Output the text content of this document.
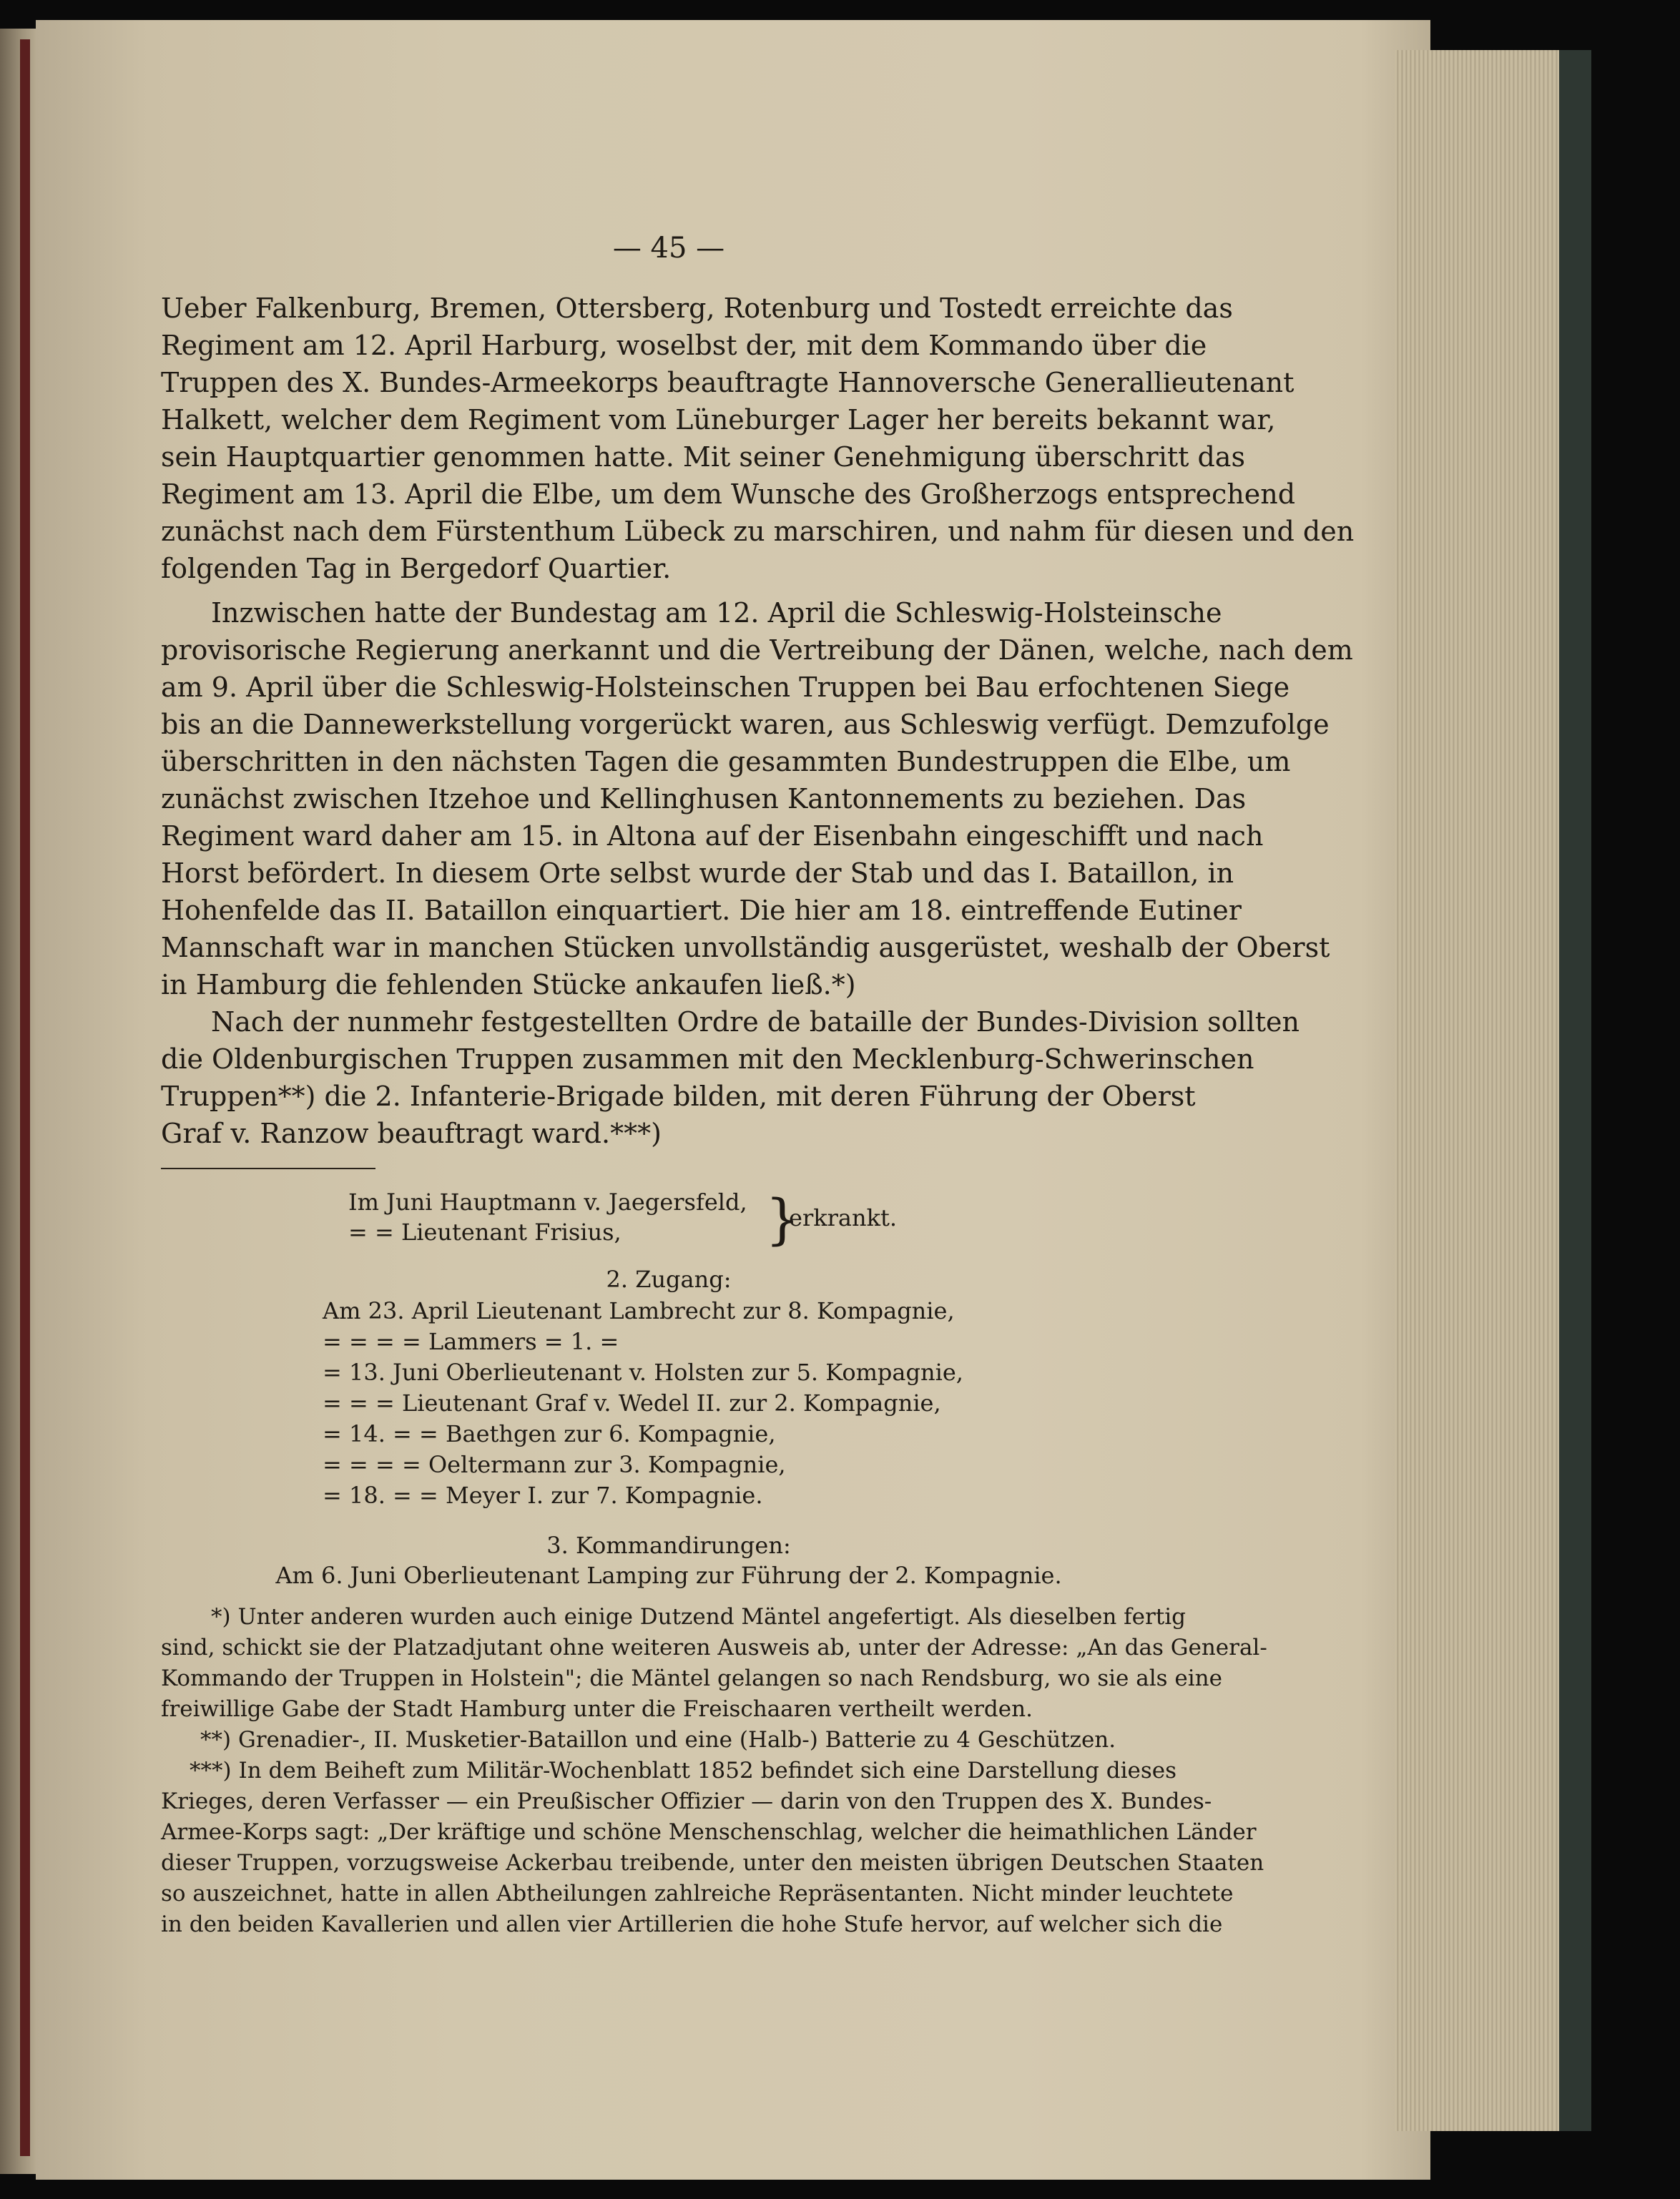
— 45 —
Ueber Falkenburg, Bremen, Ottersberg, Rotenburg und Tostedt erreichte das
Regiment am 12. April Harburg, woselbst der, mit dem Kommando über die
Truppen des X. Bundes-Armeekorps beauftragte Hannoversche Generallieutenant
Halkett, welcher dem Regiment vom Lüneburger Lager her bereits bekannt war,
sein Hauptquartier genommen hatte. Mit seiner Genehmigung überschritt das
Regiment am 13. April die Elbe, um dem Wunsche des Großherzogs entsprechend
zunächst nach dem Fürstenthum Lübeck zu marschiren, und nahm für diesen und den
folgenden Tag in Bergedorf Quartier.
Inzwischen hatte der Bundestag am 12. April die Schleswig-Holsteinsche
provisorische Regierung anerkannt und die Vertreibung der Dänen, welche, nach dem
am 9. April über die Schleswig-Holsteinschen Truppen bei Bau erfochtenen Siege
bis an die Dannewerkstellung vorgerückt waren, aus Schleswig verfügt. Demzufolge
überschritten in den nächsten Tagen die gesammten Bundestruppen die Elbe, um
zunächst zwischen Itzehoe und Kellinghusen Kantonnements zu beziehen. Das
Regiment ward daher am 15. in Altona auf der Eisenbahn eingeschifft und nach
Horst befördert. In diesem Orte selbst wurde der Stab und das I. Bataillon, in
Hohenfelde das II. Bataillon einquartiert. Die hier am 18. eintreffende Eutiner
Mannschaft war in manchen Stücken unvollständig ausgerüstet, weshalb der Oberst
in Hamburg die fehlenden Stücke ankaufen ließ.*)
Nach der nunmehr festgestellten Ordre de bataille der Bundes-Division sollten
die Oldenburgischen Truppen zusammen mit den Mecklenburg-Schwerinschen
Truppen**) die 2. Infanterie-Brigade bilden, mit deren Führung der Oberst
Graf v. Ranzow beauftragt ward.***)
Im Juni Hauptmann v. Jaegersfeld,
= = Lieutenant Frisius,	}
erkrankt.
2. Zugang:
Am 23. April Lieutenant Lambrecht zur 8. Kompagnie,
= = = = Lammers = 1. =
= 13. Juni Oberlieutenant v. Holsten zur 5. Kompagnie,
= = = Lieutenant Graf v. Wedel II. zur 2. Kompagnie,
= 14. = = Baethgen zur 6. Kompagnie,
= = = = Oeltermann zur 3. Kompagnie,
= 18. = = Meyer I. zur 7. Kompagnie.
3. Kommandirungen:
Am 6. Juni Oberlieutenant Lamping zur Führung der 2. Kompagnie.
*) Unter anderen wurden auch einige Dutzend Mäntel angefertigt. Als dieselben fertig
sind, schickt sie der Platzadjutant ohne weiteren Ausweis ab, unter der Adresse: „An das General-
Kommando der Truppen in Holstein"; die Mäntel gelangen so nach Rendsburg, wo sie als eine
freiwillige Gabe der Stadt Hamburg unter die Freischaaren vertheilt werden.
**) Grenadier-, II. Musketier-Bataillon und eine (Halb-) Batterie zu 4 Geschützen.
***) In dem Beiheft zum Militär-Wochenblatt 1852 befindet sich eine Darstellung dieses
Krieges, deren Verfasser — ein Preußischer Offizier — darin von den Truppen des X. Bundes-
Armee-Korps sagt: „Der kräftige und schöne Menschenschlag, welcher die heimathlichen Länder
dieser Truppen, vorzugsweise Ackerbau treibende, unter den meisten übrigen Deutschen Staaten
so auszeichnet, hatte in allen Abtheilungen zahlreiche Repräsentanten. Nicht minder leuchtete
in den beiden Kavallerien und allen vier Artillerien die hohe Stufe hervor, auf welcher sich die
